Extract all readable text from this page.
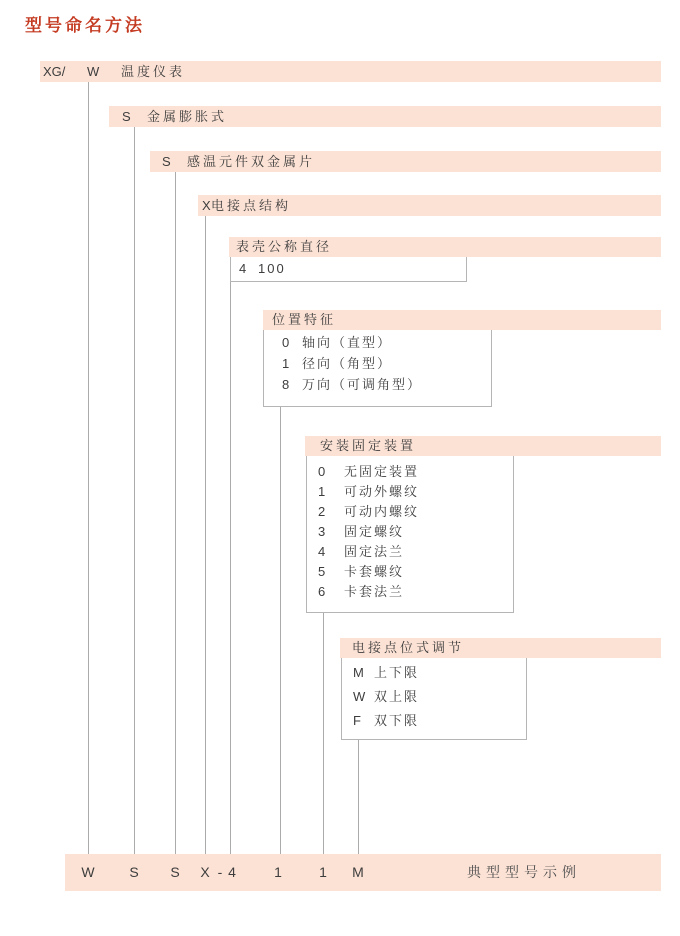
型号命名方法
XG/ W 温度仪表
S 金属膨胀式
S 感温元件双金属片
X 电接点结构
表壳公称直径
4 100
位置特征
0 轴向（直型）
1 径向（角型）
8 万向（可调角型）
安装固定装置
0 无固定装置
1 可动外螺纹
2 可动内螺纹
3 固定螺纹
4 固定法兰
5 卡套螺纹
6 卡套法兰
电接点位式调节
M 上下限
W 双上限
F 双下限
W S S X - 4	1	1 M	典型型号示例
